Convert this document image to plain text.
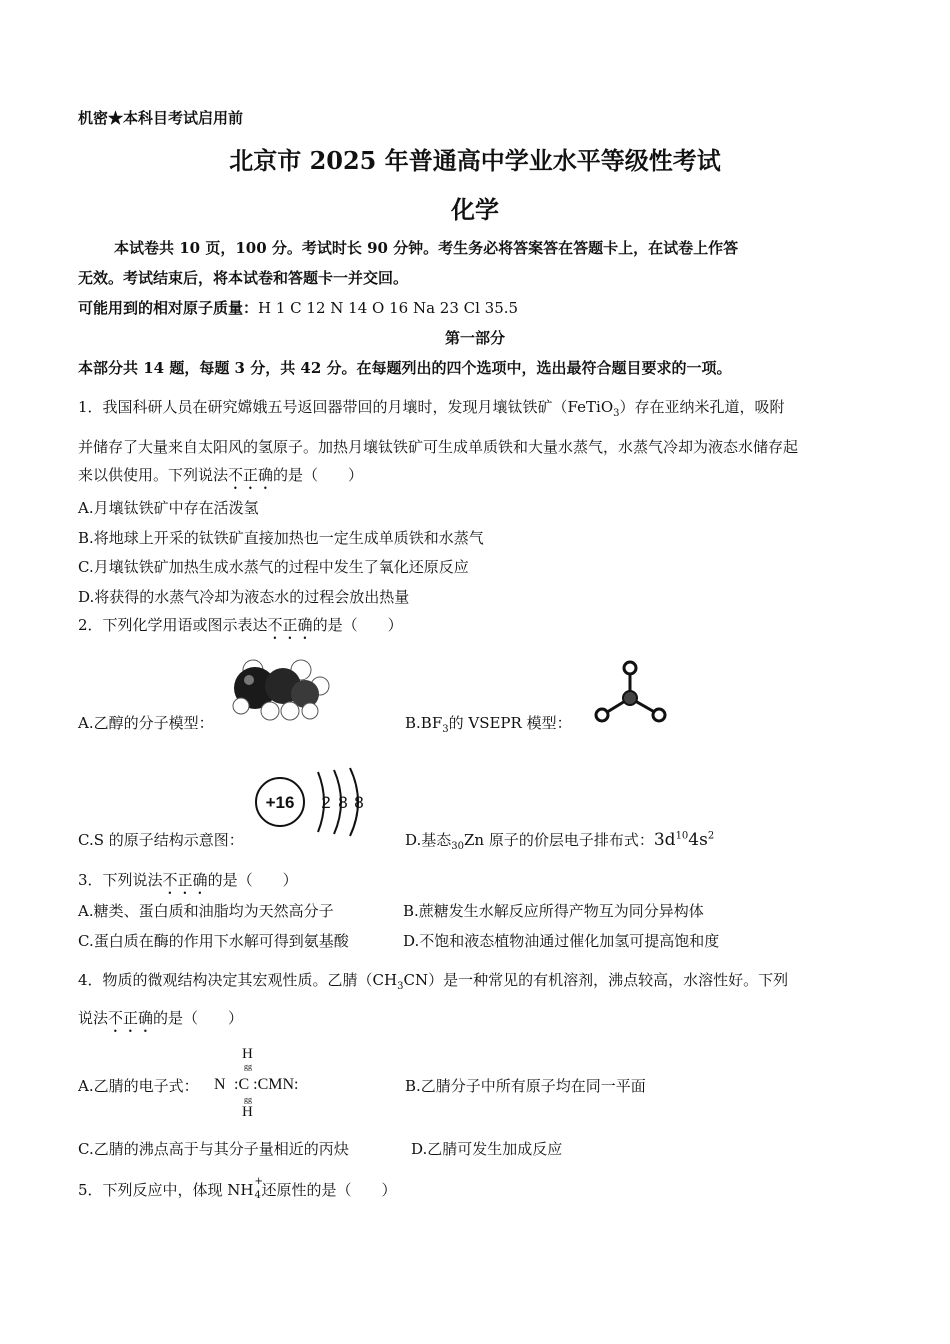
机密★本科目考试启用前
北京市 2025 年普通高中学业水平等级性考试
化学
本试卷共 10 页，100 分。考试时长 90 分钟。考生务必将答案答在答题卡上，在试卷上作答
无效。考试结束后，将本试卷和答题卡一并交回。
可能用到的相对原子质量：H 1 C 12 N 14 O 16 Na 23 Cl 35.5
第一部分
本部分共 14 题，每题 3 分，共 42 分。在每题列出的四个选项中，选出最符合题目要求的一项。
1．我国科研人员在研究嫦娥五号返回器带回的月壤时，发现月壤钛铁矿（FeTiO$_3$）存在亚纳米孔道，吸附
并储存了大量来自太阳风的氢原子。加热月壤钛铁矿可生成单质铁和大量水蒸气，水蒸气冷却为液态水储存起
来以供使用。下列说法不正确的是（　　）
A.月壤钛铁矿中存在活泼氢
B.将地球上开采的钛铁矿直接加热也一定生成单质铁和水蒸气
C.月壤钛铁矿加热生成水蒸气的过程中发生了氧化还原反应
D.将获得的水蒸气冷却为液态水的过程会放出热量
2．下列化学用语或图示表达不正确的是（　　）
A.乙醇的分子模型：	$B.BF_3$的 VSEPR 模型：
C.S 的原子结构示意图：
+16 2 8 8
D.基态$_{30}$Zn 原子的价层电子排布式：$3d^{10}4s^2$
3．下列说法不正确的是（　　）
A.糖类、蛋白质和油脂均为天然高分子	B.蔗糖发生水解反应所得产物互为同分异构体
C.蛋白质在酶的作用下水解可得到氨基酸	D.不饱和液态植物油通过催化加氢可提高饱和度
4．物质的微观结构决定其宏观性质。乙腈$(CH_3CN)$是一种常见的有机溶剂，沸点较高，水溶性好。下列
说法不正确的是（　　）
A.乙腈的电子式： N
H
gg
:C :CMN:
gg
H
B.乙腈分子中所有原子均在同一平面
C.乙腈的沸点高于与其分子量相近的丙炔	D.乙腈可发生加成反应
5．下列反应中，体现 NH +
4 还原性的是（　　）
